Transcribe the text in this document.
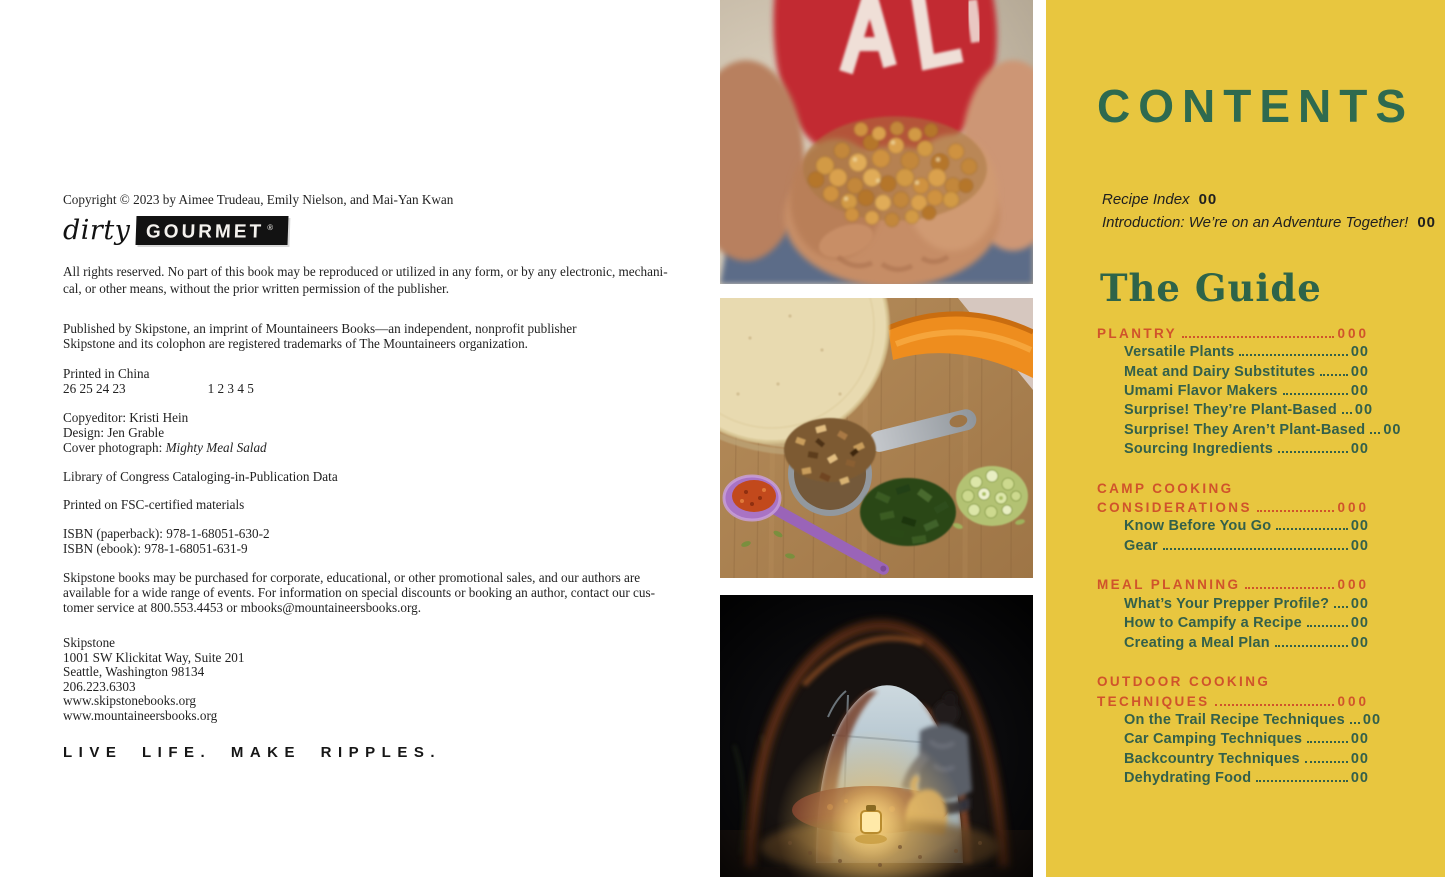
Copyright © 2023 by Aimee Trudeau, Emily Nielson, and Mai-Yan Kwan

dirty GOURMET ®
All rights reserved. No part of this book may be reproduced or utilized in any form, or by any electronic, mechani-
cal, or other means, without the prior written permission of the publisher.
Published by Skipstone, an imprint of Mountaineers Books—an independent, nonprofit publisher
Skipstone and its colophon are registered trademarks of The Mountaineers organization.
Printed in China
26 25 24 23	1 2 3 4 5
Copyeditor: Kristi Hein
Design: Jen Grable
Cover photograph: Mighty Meal Salad

Library of Congress Cataloging-in-Publication Data

Printed on FSC-certified materials

ISBN (paperback): 978-1-68051-630-2
ISBN (ebook): 978-1-68051-631-9
Skipstone books may be purchased for corporate, educational, or other promotional sales, and our authors are
available for a wide range of events. For information on special discounts or booking an author, contact our cus-
tomer service at 800.553.4453 or mbooks@mountaineersbooks.org.
Skipstone
1001 SW Klickitat Way, Suite 201
Seattle, Washington 98134
206.223.6303
www.skipstonebooks.org
www.mountaineersbooks.org

LIVE LIFE. MAKE RIPPLES.

CONTENTS
Recipe Index 00
Introduction: We’re on an Adventure Together! 00
The Guide
PLANTRY	000
Versatile Plants	00
Meat and Dairy Substitutes 00
Umami Flavor Makers	00
Surprise! They’re Plant-Based 00
Surprise! They Aren’t Plant-Based 00
Sourcing Ingredients	00
CAMP COOKING
CONSIDERATIONS	000
Know Before You Go	00
Gear	00
MEAL PLANNING	000
What’s Your Prepper Profile? 00
How to Campify a Recipe	00
Creating a Meal Plan	00
OUTDOOR COOKING
TECHNIQUES	000
On the Trail Recipe Techniques 00
Car Camping Techniques	00
Backcountry Techniques	00
Dehydrating Food	00
